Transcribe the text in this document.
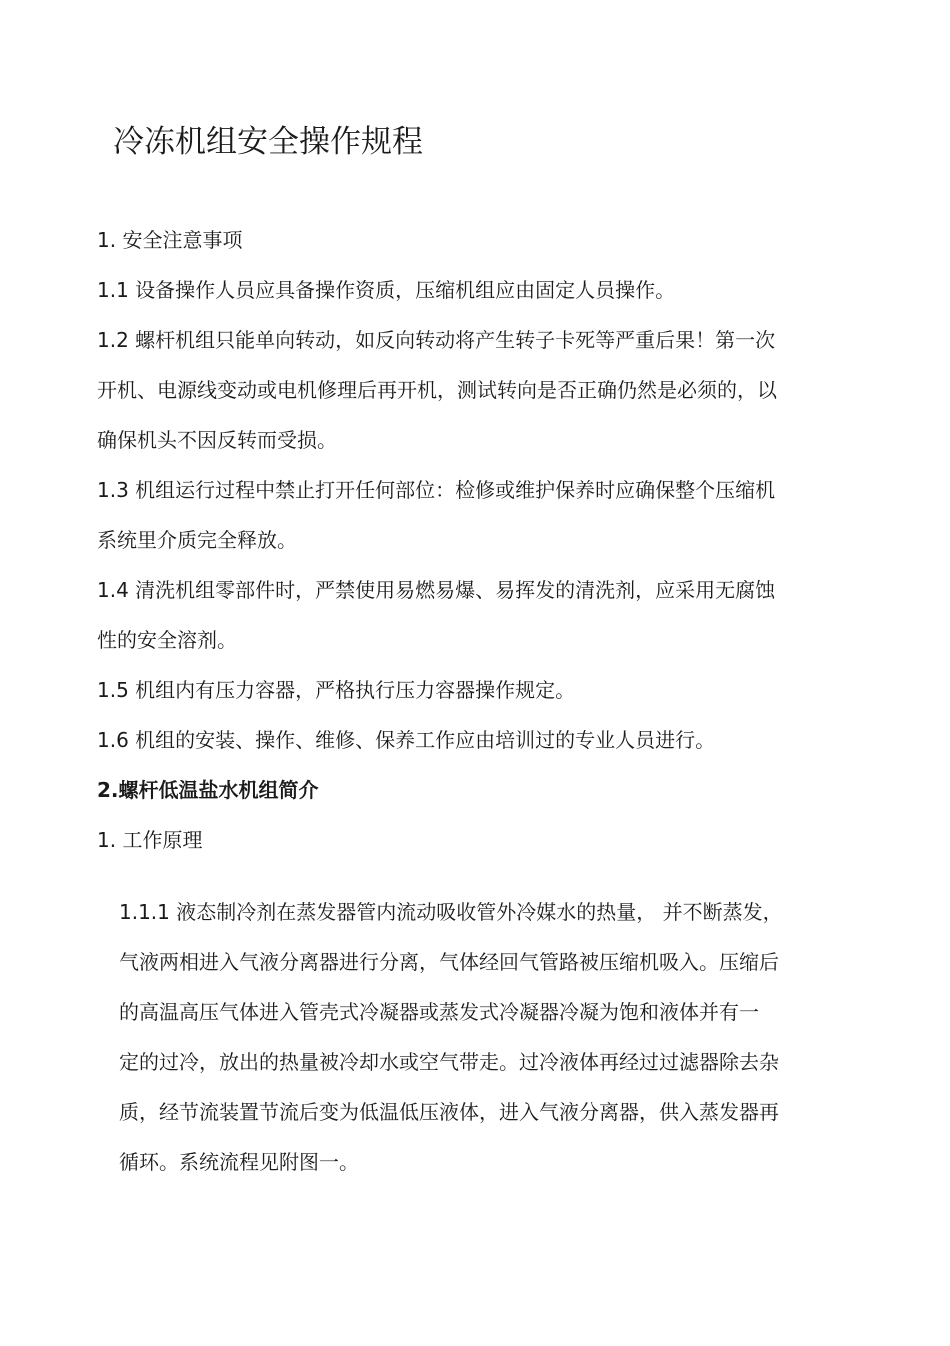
冷冻机组安全操作规程
1. 安全注意事项
1.1 设备操作人员应具备操作资质，压缩机组应由固定人员操作。
1.2 螺杆机组只能单向转动，如反向转动将产生转子卡死等严重后果！第一次
开机、电源线变动或电机修理后再开机，测试转向是否正确仍然是必须的，以
确保机头不因反转而受损。
1.3 机组运行过程中禁止打开任何部位：检修或维护保养时应确保整个压缩机
系统里介质完全释放。
1.4 清洗机组零部件时，严禁使用易燃易爆、易挥发的清洗剂，应采用无腐蚀
性的安全溶剂。
1.5 机组内有压力容器，严格执行压力容器操作规定。
1.6 机组的安装、操作、维修、保养工作应由培训过的专业人员进行。
2.螺杆低温盐水机组简介
1. 工作原理
1.1.1 液态制冷剂在蒸发器管内流动吸收管外冷媒水的热量， 并不断蒸发，
气液两相进入气液分离器进行分离，气体经回气管路被压缩机吸入。压缩后
的高温高压气体进入管壳式冷凝器或蒸发式冷凝器冷凝为饱和液体并有一
定的过冷，放出的热量被冷却水或空气带走。过冷液体再经过过滤器除去杂
质，经节流装置节流后变为低温低压液体，进入气液分离器，供入蒸发器再
循环。系统流程见附图一。
